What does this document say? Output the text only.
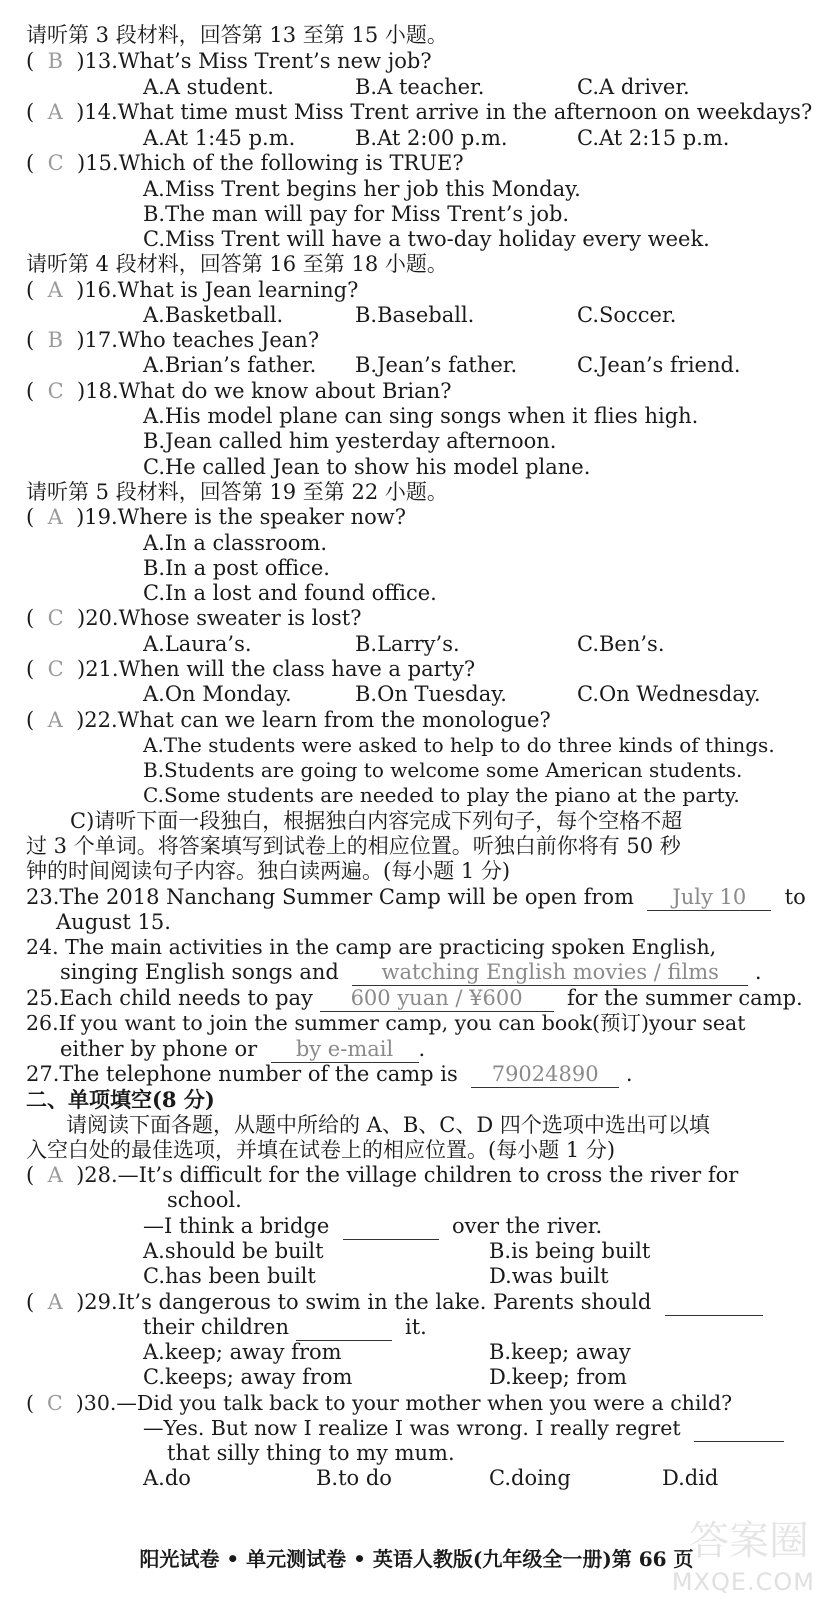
请听第 3 段材料，回答第 13 至第 15 小题。
( B )13.What’s Miss Trent’s new job?
A.A student.	B.A teacher.	C.A driver.
( A )14.What time must Miss Trent arrive in the afternoon on weekdays?
A.At 1:45 p.m.	B.At 2:00 p.m.	C.At 2:15 p.m.
( C )15.Which of the following is TRUE?
A.Miss Trent begins her job this Monday.
B.The man will pay for Miss Trent’s job.
C.Miss Trent will have a two-day holiday every week.
请听第 4 段材料，回答第 16 至第 18 小题。
( A )16.What is Jean learning?
A.Basketball.	B.Baseball.	C.Soccer.
( B )17.Who teaches Jean?
A.Brian’s father. B.Jean’s father.	C.Jean’s friend.
( C )18.What do we know about Brian?
A.His model plane can sing songs when it flies high.
B.Jean called him yesterday afternoon.
C.He called Jean to show his model plane.
请听第 5 段材料，回答第 19 至第 22 小题。
( A )19.Where is the speaker now?
A.In a classroom.
B.In a post office.
C.In a lost and found office.
( C )20.Whose sweater is lost?
A.Laura’s.	B.Larry’s.	C.Ben’s.
( C )21.When will the class have a party?
A.On Monday.	B.On Tuesday.	C.On Wednesday.
( A )22.What can we learn from the monologue?
A.The students were asked to help to do three kinds of things.
B.Students are going to welcome some American students.
C.Some students are needed to play the piano at the party.
C)请听下面一段独白，根据独白内容完成下列句子，每个空格不超
过 3 个单词。将答案填写到试卷上的相应位置。听独白前你将有 50 秒
钟的时间阅读句子内容。独白读两遍。(每小题 1 分)
23.The 2018 Nanchang Summer Camp will be open from July 10 to
August 15.
24. The main activities in the camp are practicing spoken English,
singing English songs and watching English movies / films .
25.Each child needs to pay 600 yuan / ¥600 for the summer camp.
26.If you want to join the summer camp, you can book(预订)your seat
either by phone or by e-mail .
27.The telephone number of the camp is 79024890 .
二、单项填空(8 分)
请阅读下面各题，从题中所给的 A、B、C、D 四个选项中选出可以填
入空白处的最佳选项，并填在试卷上的相应位置。(每小题 1 分)
( A )28.—It’s difficult for the village children to cross the river for
school.
—I think a bridge	over the river.
A.should be built	B.is being built
C.has been built	D.was built
( A )29.It’s dangerous to swim in the lake. Parents should
their children	it.
A.keep; away from	B.keep; away
C.keeps; away from	D.keep; from
( C )30.—Did you talk back to your mother when you were a child?
—Yes. But now I realize I was wrong. I really regret
that silly thing to my mum.
A.do	B.to do	C.doing	D.did
阳光试卷 • 单元测试卷 • 英语人教版(九年级全一册)第 66 页
答案圈
MXQE.COM
